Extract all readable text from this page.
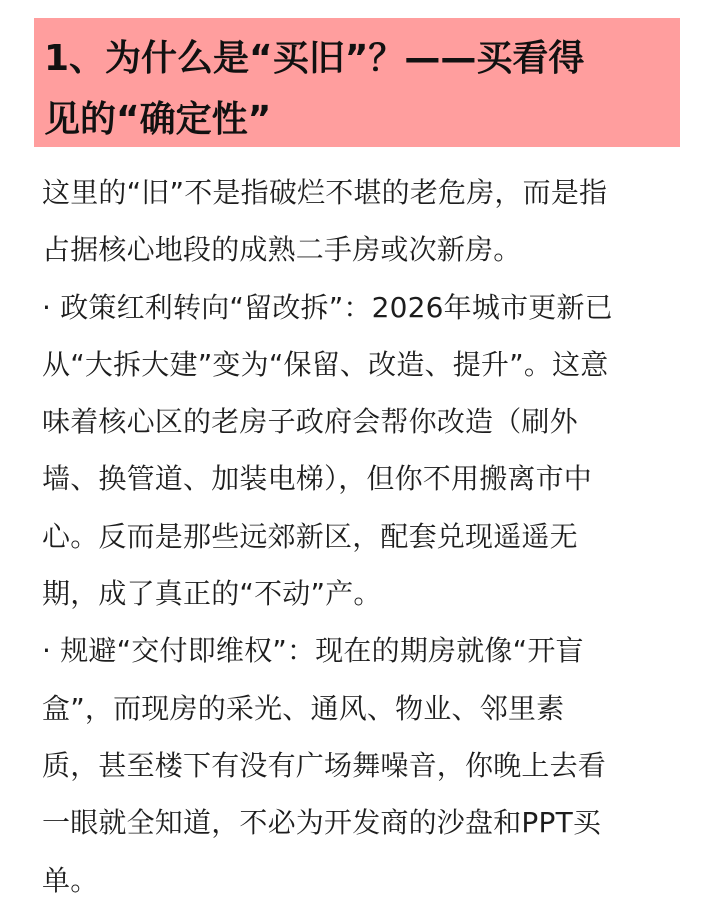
1、为什么是“买旧”？——买看得
见的“确定性”
这里的“旧”不是指破烂不堪的老危房，而是指
占据核心地段的成熟二手房或次新房。
· 政策红利转向“留改拆”：2026年城市更新已
从“大拆大建”变为“保留、改造、提升”。这意
味着核心区的老房子政府会帮你改造（刷外
墙、换管道、加装电梯），但你不用搬离市中
心。反而是那些远郊新区，配套兑现遥遥无
期，成了真正的“不动”产。
· 规避“交付即维权”：现在的期房就像“开盲
盒”，而现房的采光、通风、物业、邻里素
质，甚至楼下有没有广场舞噪音，你晚上去看
一眼就全知道，不必为开发商的沙盘和PPT买
单。
